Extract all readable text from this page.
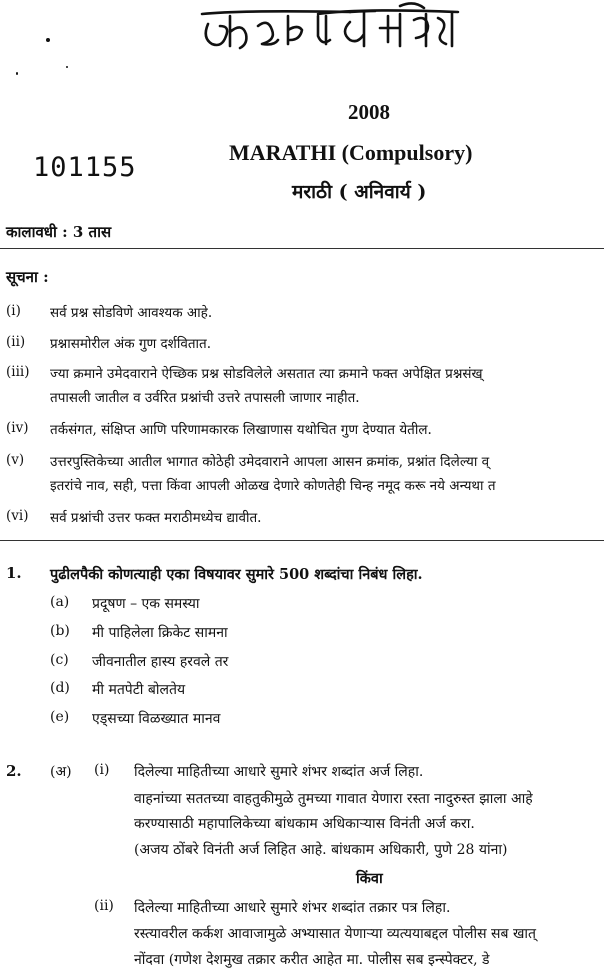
2008
101155	MARATHI (Compulsory)
मराठी ( अनिवार्य )
कालावधी : 3 तास
सूचना :
(i) सर्व प्रश्न सोडविणे आवश्यक आहे.
(ii) प्रश्नासमोरील अंक गुण दर्शवितात.
(iii) ज्या क्रमाने उमेदवाराने ऐच्छिक प्रश्न सोडविलेले असतात त्या क्रमाने फक्त अपेक्षित प्रश्नसंख्
तपासली जातील व उर्वरित प्रश्नांची उत्तरे तपासली जाणार नाहीत.
(iv) तर्कसंगत, संक्षिप्त आणि परिणामकारक लिखाणास यथोचित गुण देण्यात येतील.
(v) उत्तरपुस्तिकेच्या आतील भागात कोठेही उमेदवाराने आपला आसन क्रमांक, प्रश्नांत दिलेल्या व्
इतरांचे नाव, सही, पत्ता किंवा आपली ओळख देणारे कोणतेही चिन्ह नमूद करू नये अन्यथा त
(vi) सर्व प्रश्नांची उत्तर फक्त मराठीमध्येच द्यावीत.
1. पुढीलपैकी कोणत्याही एका विषयावर सुमारे 500 शब्दांचा निबंध लिहा.
(a) प्रदूषण – एक समस्या
(b) मी पाहिलेला क्रिकेट सामना
(c) जीवनातील हास्य हरवले तर
(d) मी मतपेटी बोलतेय
(e) एड्सच्या विळख्यात मानव
2. (अ) (i) दिलेल्या माहितीच्या आधारे सुमारे शंभर शब्दांत अर्ज लिहा.
वाहनांच्या सततच्या वाहतुकीमुळे तुमच्या गावात येणारा रस्ता नादुरुस्त झाला आहे
करण्यासाठी महापालिकेच्या बांधकाम अधिकाऱ्यास विनंती अर्ज करा.
(अजय ठोंबरे विनंती अर्ज लिहित आहे. बांधकाम अधिकारी, पुणे 28 यांना)
किंवा
(ii) दिलेल्या माहितीच्या आधारे सुमारे शंभर शब्दांत तक्रार पत्र लिहा.
रस्त्यावरील कर्कश आवाजामुळे अभ्यासात येणाऱ्या व्यत्ययाबद्दल पोलीस सब खात्
नोंदवा (गणेश देशमुख तक्रार करीत आहेत मा. पोलीस सब इन्स्पेक्टर, डे
